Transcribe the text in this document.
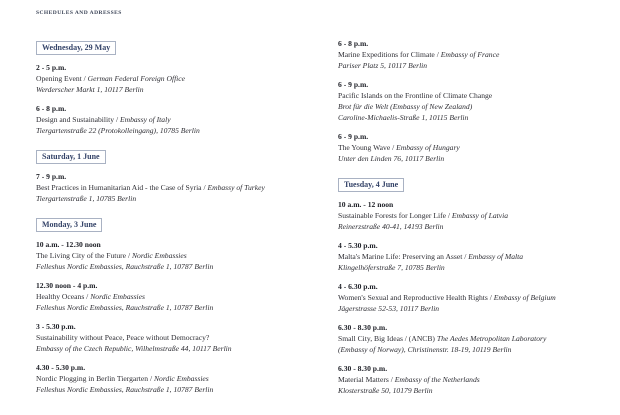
SCHEDULES AND ADRESSES
Wednesday, 29 May
2 - 5 p.m.
Opening Event / German Federal Foreign Office
Werderscher Markt 1, 10117 Berlin
6 - 8 p.m.
Design and Sustainability / Embassy of Italy
Tiergartenstraße 22 (Protokolleingang), 10785 Berlin
Saturday, 1 June
7 - 9 p.m.
Best Practices in Humanitarian Aid - the Case of Syria / Embassy of Turkey
Tiergartenstraße 1, 10785 Berlin
Monday, 3 June
10 a.m. - 12.30 noon
The Living City of the Future / Nordic Embassies
Felleshus Nordic Embassies, Rauchstraße 1, 10787 Berlin
12.30 noon - 4 p.m.
Healthy Oceans / Nordic Embassies
Felleshus Nordic Embassies, Rauchstraße 1, 10787 Berlin
3 - 5.30 p.m.
Sustainability without Peace, Peace without Democracy?
Embassy of the Czech Republic, Wilhelmstraße 44, 10117 Berlin
4.30 - 5.30 p.m.
Nordic Plogging in Berlin Tiergarten / Nordic Embassies
Felleshus Nordic Embassies, Rauchstraße 1, 10787 Berlin
6 - 8 p.m.
Marine Expeditions for Climate / Embassy of France
Pariser Platz 5, 10117 Berlin
6 - 9 p.m.
Pacific Islands on the Frontline of Climate Change
Brot für die Welt (Embassy of New Zealand)
Caroline-Michaelis-Straße 1, 10115 Berlin
6 - 9 p.m.
The Young Wave / Embassy of Hungary
Unter den Linden 76, 10117 Berlin
Tuesday, 4 June
10 a.m. - 12 noon
Sustainable Forests for Longer Life / Embassy of Latvia
Reinerzstraße 40-41, 14193 Berlin
4 - 5.30 p.m.
Malta's Marine Life: Preserving an Asset / Embassy of Malta
Klingelhöferstraße 7, 10785 Berlin
4 - 6.30 p.m.
Women's Sexual and Reproductive Health Rights / Embassy of Belgium
Jägerstrasse 52-53, 10117 Berlin
6.30 - 8.30 p.m.
Small City, Big Ideas / (ANCB) The Aedes Metropolitan Laboratory
(Embassy of Norway), Christinenstr. 18-19, 10119 Berlin
6.30 - 8.30 p.m.
Material Matters / Embassy of the Netherlands
Klosterstraße 50, 10179 Berlin
